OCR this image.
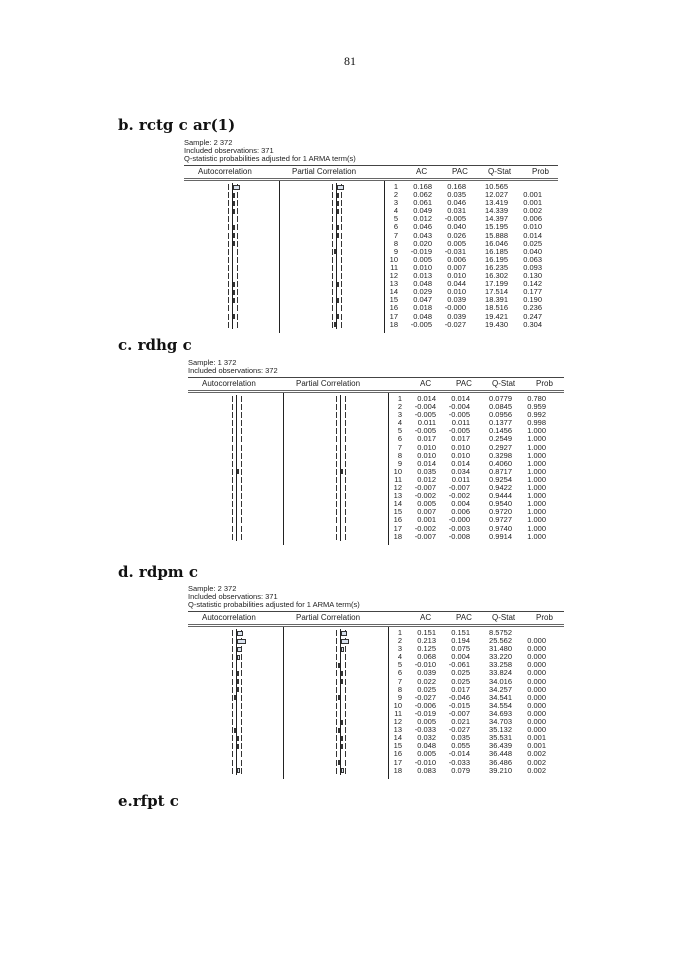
81
b. rctg c ar(1)
Sample: 2 372
Included observations: 371
Q-statistic probabilities adjusted for 1 ARMA term(s)
Autocorrelation	Partial Correlation	AC	PAC	Q-Stat	Prob
1	0.168	0.168	10.565
2	0.062	0.035	12.027	0.001
3	0.061	0.046	13.419	0.001
4	0.049	0.031	14.339	0.002
5	0.012	-0.005	14.397	0.006
6	0.046	0.040	15.195	0.010
7	0.043	0.026	15.888	0.014
8	0.020	0.005	16.046	0.025
9	-0.019	-0.031	16.185	0.040
10	0.005	0.006	16.195	0.063
11	0.010	0.007	16.235	0.093
12	0.013	0.010	16.302	0.130
13	0.048	0.044	17.199	0.142
14	0.029	0.010	17.514	0.177
15	0.047	0.039	18.391	0.190
16	0.018	-0.000	18.516	0.236
17	0.048	0.039	19.421	0.247
18	-0.005	-0.027	19.430	0.304
c. rdhg c
Sample: 1 372
Included observations: 372
Autocorrelation	Partial Correlation	AC	PAC	Q-Stat	Prob
1	0.014	0.014	0.0779	0.780
2	-0.004	-0.004	0.0845	0.959
3	-0.005	-0.005	0.0956	0.992
4	0.011	0.011	0.1377	0.998
5	-0.005	-0.005	0.1456	1.000
6	0.017	0.017	0.2549	1.000
7	0.010	0.010	0.2927	1.000
8	0.010	0.010	0.3298	1.000
9	0.014	0.014	0.4060	1.000
10	0.035	0.034	0.8717	1.000
11	0.012	0.011	0.9254	1.000
12	-0.007	-0.007	0.9422	1.000
13	-0.002	-0.002	0.9444	1.000
14	0.005	0.004	0.9540	1.000
15	0.007	0.006	0.9720	1.000
16	0.001	-0.000	0.9727	1.000
17	-0.002	-0.003	0.9740	1.000
18	-0.007	-0.008	0.9914	1.000
d. rdpm c
Sample: 2 372
Included observations: 371
Q-statistic probabilities adjusted for 1 ARMA term(s)
Autocorrelation	Partial Correlation	AC	PAC	Q-Stat	Prob
1	0.151	0.151	8.5752
2	0.213	0.194	25.562	0.000
3	0.125	0.075	31.480	0.000
4	0.068	0.004	33.220	0.000
5	-0.010	-0.061	33.258	0.000
6	0.039	0.025	33.824	0.000
7	0.022	0.025	34.016	0.000
8	0.025	0.017	34.257	0.000
9	-0.027	-0.046	34.541	0.000
10	-0.006	-0.015	34.554	0.000
11	-0.019	-0.007	34.693	0.000
12	0.005	0.021	34.703	0.000
13	-0.033	-0.027	35.132	0.000
14	0.032	0.035	35.531	0.001
15	0.048	0.055	36.439	0.001
16	0.005	-0.014	36.448	0.002
17	-0.010	-0.033	36.486	0.002
18	0.083	0.079	39.210	0.002
e.rfpt c
